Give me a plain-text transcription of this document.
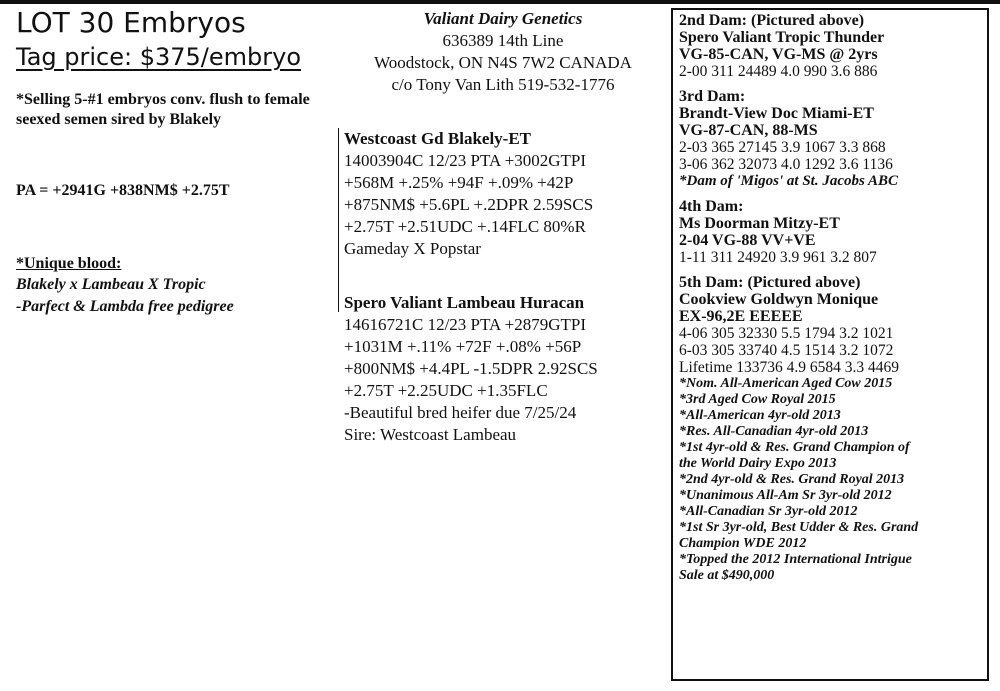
LOT 30 Embryos
Tag price: $375/embryo
*Selling 5-#1 embryos conv. flush to female seexed semen sired by Blakely
PA = +2941G +838NM$ +2.75T
*Unique blood:
Blakely x Lambeau X Tropic
-Parfect & Lambda free pedigree
Valiant Dairy Genetics
636389 14th Line
Woodstock, ON N4S 7W2 CANADA
c/o Tony Van Lith 519-532-1776
Westcoast Gd Blakely-ET
14003904C 12/23 PTA +3002GTPI
+568M +.25% +94F +.09% +42P
+875NM$ +5.6PL +.2DPR 2.59SCS
+2.75T +2.51UDC +.14FLC 80%R
Gameday X Popstar
Spero Valiant Lambeau Huracan
14616721C 12/23 PTA +2879GTPI
+1031M +.11% +72F +.08% +56P
+800NM$ +4.4PL -1.5DPR 2.92SCS
+2.75T +2.25UDC +1.35FLC
-Beautiful bred heifer due 7/25/24
Sire: Westcoast Lambeau
2nd Dam: (Pictured above)
Spero Valiant Tropic Thunder
VG-85-CAN, VG-MS @ 2yrs
2-00 311 24489 4.0 990 3.6 886
3rd Dam:
Brandt-View Doc Miami-ET
VG-87-CAN, 88-MS
2-03 365 27145 3.9 1067 3.3 868
3-06 362 32073 4.0 1292 3.6 1136
*Dam of 'Migos' at St. Jacobs ABC
4th Dam:
Ms Doorman Mitzy-ET
2-04 VG-88 VV+VE
1-11 311 24920 3.9 961 3.2 807
5th Dam: (Pictured above)
Cookview Goldwyn Monique
EX-96,2E EEEEE
4-06 305 32330 5.5 1794 3.2 1021
6-03 305 33740 4.5 1514 3.2 1072
Lifetime 133736 4.9 6584 3.3 4469
*Nom. All-American Aged Cow 2015
*3rd Aged Cow Royal 2015
*All-American 4yr-old 2013
*Res. All-Canadian 4yr-old 2013
*1st 4yr-old & Res. Grand Champion of
the World Dairy Expo 2013
*2nd 4yr-old & Res. Grand Royal 2013
*Unanimous All-Am Sr 3yr-old 2012
*All-Canadian Sr 3yr-old 2012
*1st Sr 3yr-old, Best Udder & Res. Grand
Champion WDE 2012
*Topped the 2012 International Intrigue
Sale at $490,000
